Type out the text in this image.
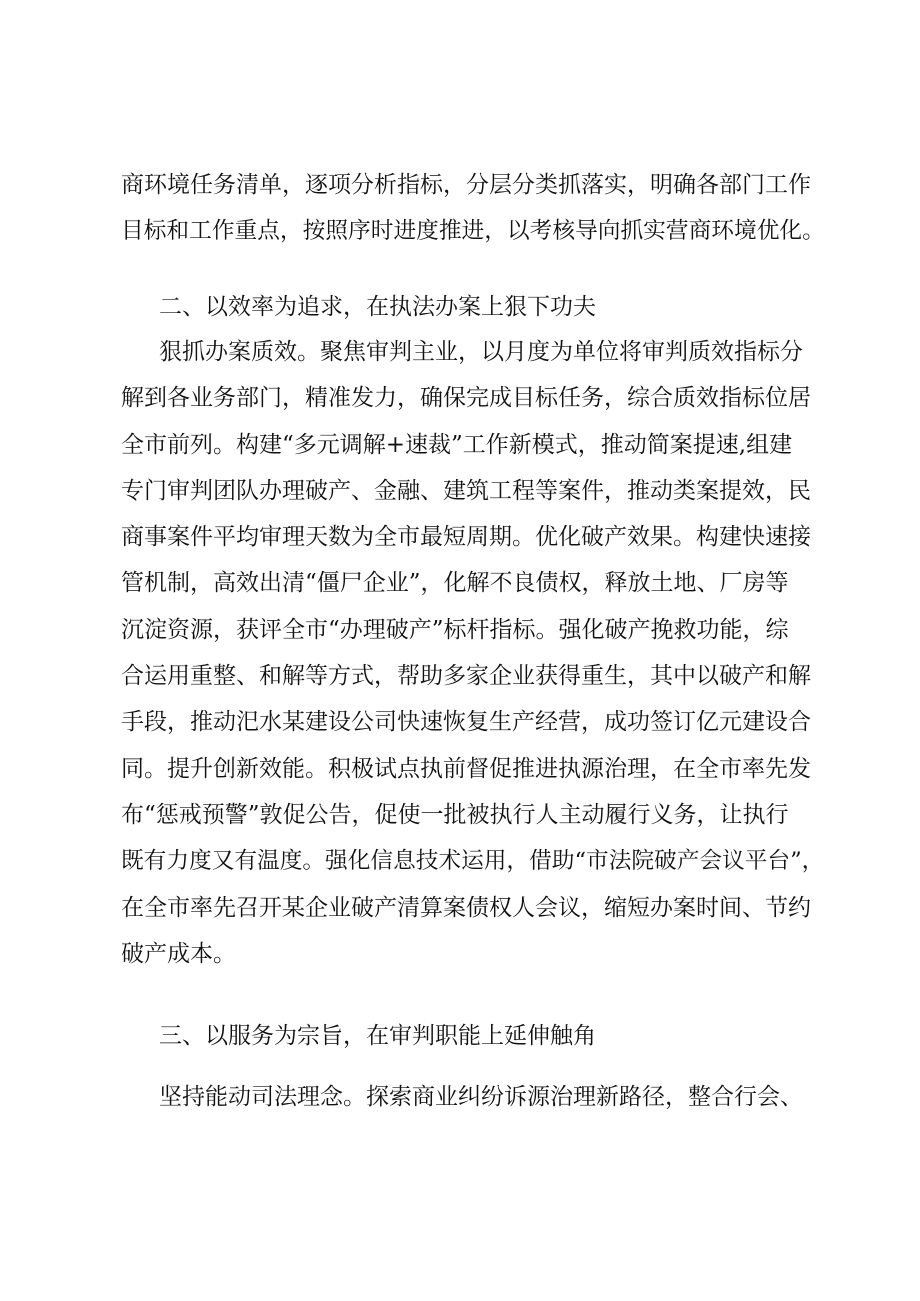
商环境任务清单，逐项分析指标，分层分类抓落实，明确各部门工作
目标和工作重点，按照序时进度推进，以考核导向抓实营商环境优化。
二、以效率为追求，在执法办案上狠下功夫
狠抓办案质效。聚焦审判主业，以月度为单位将审判质效指标分
解到各业务部门，精准发力，确保完成目标任务，综合质效指标位居
全市前列。构建“多元调解+速裁”工作新模式，推动简案提速,组建
专门审判团队办理破产、金融、建筑工程等案件，推动类案提效，民
商事案件平均审理天数为全市最短周期。优化破产效果。构建快速接
管机制，高效出清“僵尸企业”，化解不良债权，释放土地、厂房等
沉淀资源，获评全市“办理破产”标杆指标。强化破产挽救功能，综
合运用重整、和解等方式，帮助多家企业获得重生，其中以破产和解
手段，推动汜水某建设公司快速恢复生产经营，成功签订亿元建设合
同。提升创新效能。积极试点执前督促推进执源治理，在全市率先发
布“惩戒预警”敦促公告，促使一批被执行人主动履行义务，让执行
既有力度又有温度。强化信息技术运用，借助“市法院破产会议平台”，
在全市率先召开某企业破产清算案债权人会议，缩短办案时间、节约
破产成本。
三、以服务为宗旨，在审判职能上延伸触角
坚持能动司法理念。探索商业纠纷诉源治理新路径，整合行会、
